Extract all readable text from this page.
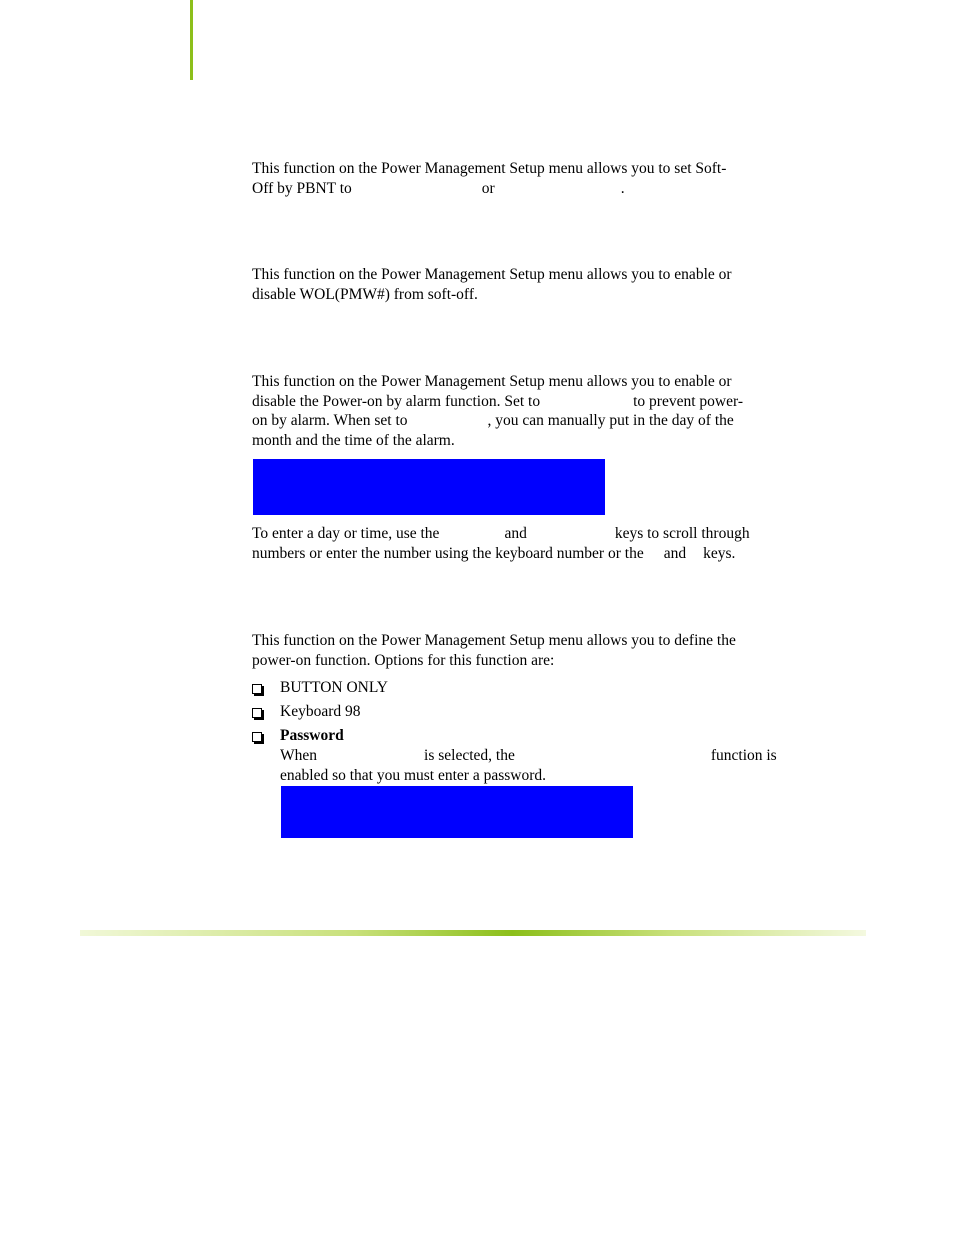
This function on the Power Management Setup menu allows you to set Soft-
Off by PBNT to	or	.

This function on the Power Management Setup menu allows you to enable or
disable WOL(PMW#) from soft-off.

This function on the Power Management Setup menu allows you to enable or
disable the Power-on by alarm function. Set to	to prevent power-
on by alarm. When set to	, you can manually put in the day of the
month and the time of the alarm.

To enter a day or time, use the	and	keys to scroll through
numbers or enter the number using the keyboard number or the and keys.

This function on the Power Management Setup menu allows you to define the
power-on function. Options for this function are:

BUTTON ONLY
Keyboard 98
Password
When	is selected, the	function is
enabled so that you must enter a password.
